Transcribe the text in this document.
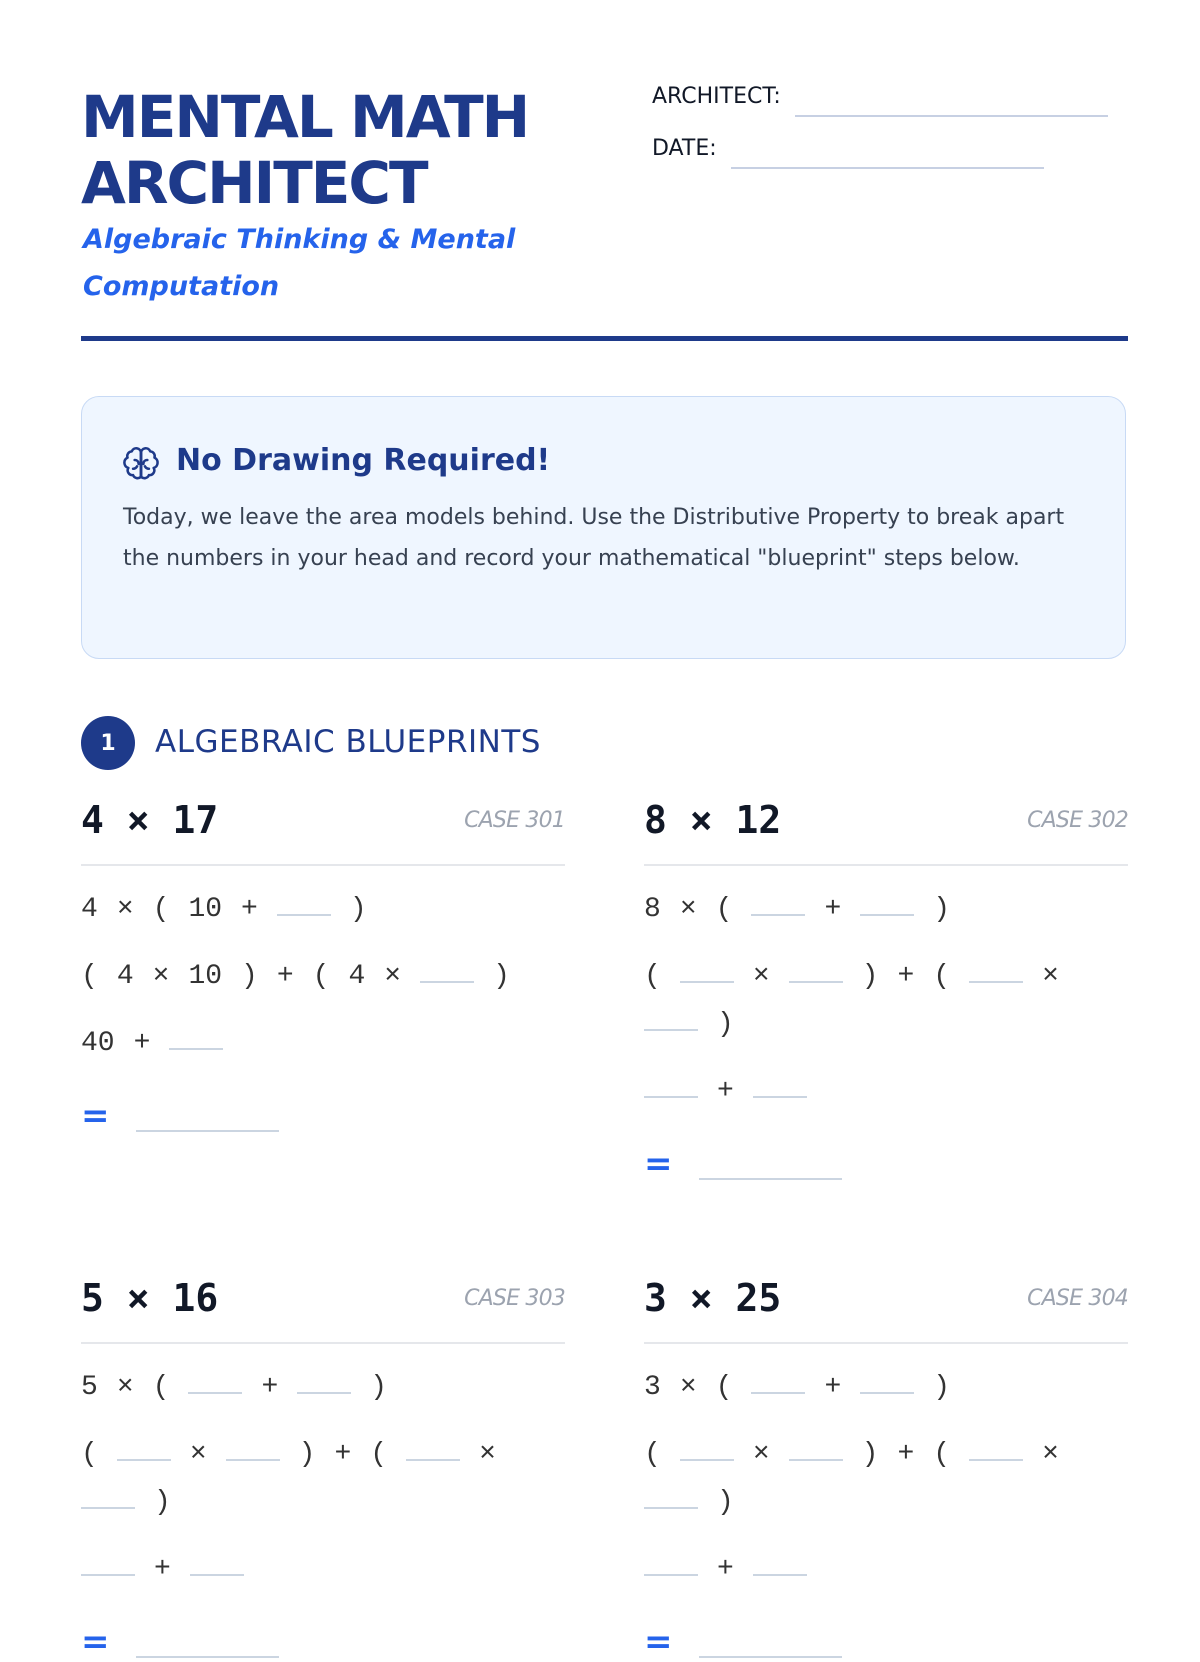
MENTAL MATH ARCHITECT
Algebraic Thinking & Mental Computation
ARCHITECT:
DATE:
No Drawing Required!
Today, we leave the area models behind. Use the Distributive Property to break apart the numbers in your head and record your mathematical "blueprint" steps below.
1	ALGEBRAIC BLUEPRINTS
4 × 17	CASE 301
4 × ( 10 +	)
( 4 × 10 ) + ( 4 ×	)
40 +
=
8 × 12	CASE 302
8 × (	+	)
(	×	) + (	×)
+
=
5 × 16	CASE 303
5 × (	+	)
(	×	) + (	×)
+
=
3 × 25	CASE 304
3 × (	+	)
(	×	) + (	×)
+
=
